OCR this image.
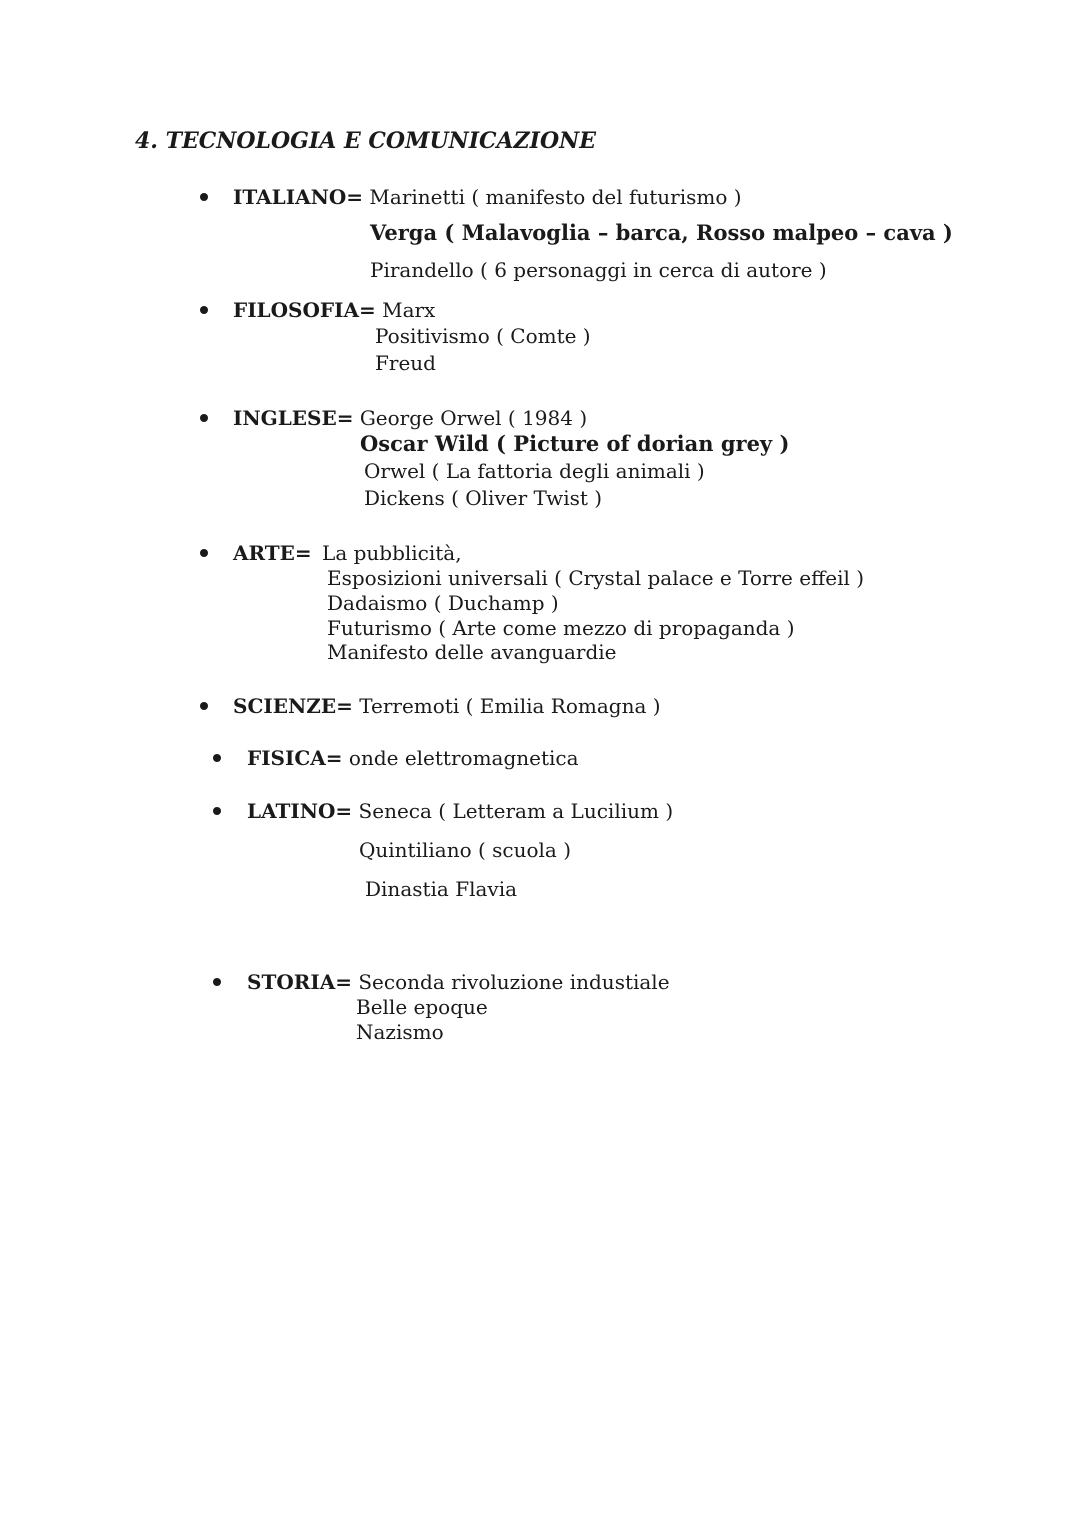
4. TECNOLOGIA E COMUNICAZIONE
ITALIANO= Marinetti ( manifesto del futurismo )
Verga ( Malavoglia – barca, Rosso malpeo – cava )
Pirandello ( 6 personaggi in cerca di autore )
FILOSOFIA= Marx
Positivismo ( Comte )
Freud
INGLESE= George Orwel ( 1984 )
Oscar Wild ( Picture of dorian grey )
Orwel ( La fattoria degli animali )
Dickens ( Oliver Twist )
ARTE= La pubblicità,
Esposizioni universali ( Crystal palace e Torre effeil )
Dadaismo ( Duchamp )
Futurismo ( Arte come mezzo di propaganda )
Manifesto delle avanguardie
SCIENZE= Terremoti ( Emilia Romagna )
FISICA= onde elettromagnetica
LATINO= Seneca ( Letteram a Lucilium )
Quintiliano ( scuola )
Dinastia Flavia
STORIA= Seconda rivoluzione industiale
Belle epoque
Nazismo
